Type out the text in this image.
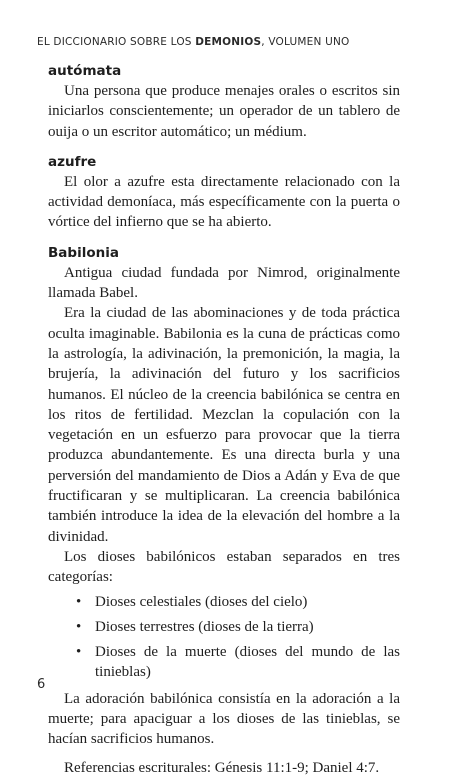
EL DICCIONARIO SOBRE LOS DEMONIOS, VOLUMEN UNO

autómata

Una persona que produce menajes orales o escritos sin iniciarlos conscientemente; un operador de un tablero de ouija o un escritor automático; un médium.

azufre

El olor a azufre esta directamente relacionado con la actividad demoníaca, más específicamente con la puerta o vórtice del infierno que se ha abierto.

Babilonia

Antigua ciudad fundada por Nimrod, originalmente llamada Babel.

Era la ciudad de las abominaciones y de toda práctica oculta imaginable. Babilonia es la cuna de prácticas como la astrología, la adivinación, la premonición, la magia, la brujería, la adivinación del futuro y los sacrificios humanos. El núcleo de la creencia babilónica se centra en los ritos de fertilidad. Mezclan la copulación con la vegetación en un esfuerzo para provocar que la tierra produzca abundantemente. Es una directa burla y una perversión del mandamiento de Dios a Adán y Eva de que fructificaran y se multiplicaran. La creencia babilónica también introduce la idea de la elevación del hombre a la divinidad.

Los dioses babilónicos estaban separados en tres categorías:

• Dioses celestiales (dioses del cielo)
• Dioses terrestres (dioses de la tierra)
• Dioses de la muerte (dioses del mundo de las tinieblas)

La adoración babilónica consistía en la adoración a la muerte; para apaciguar a los dioses de las tinieblas, se hacían sacrificios humanos.

Referencias escriturales: Génesis 11:1-9; Daniel 4:7.

6
